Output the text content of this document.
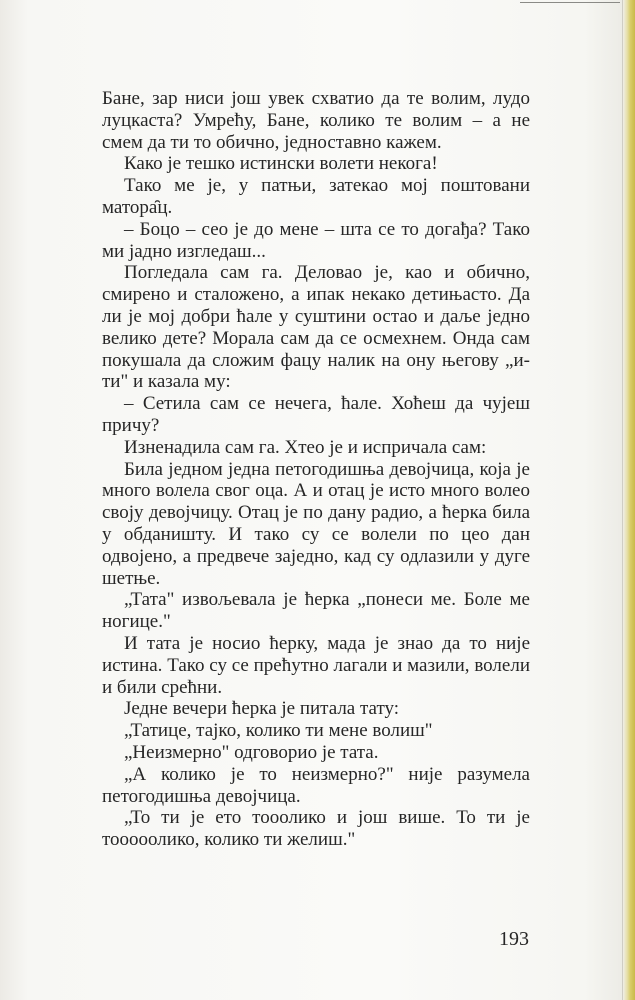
Бане, зар ниси још увек схватио да те волим, лудо луцкаста? Умрећу, Бане, колико те волим – а не смем да ти то обично, једноставно кажем.

Како је тешко истински волети некога!

Тако ме је, у патњи, затекао мој поштовани матора̑ц.

– Боцо – сео је до мене – шта се то догађа? Тако ми јадно изгледаш...

Погледала сам га. Деловао је, као и обично, смирено и сталожено, а ипак некако детињасто. Да ли је мој добри ћале у суштини остао и даље једно велико дете? Морала сам да се осмехнем. Онда сам покушала да сложим фацу налик на ону његову „и-ти" и казала му:

– Сетила сам се нечега, ћале. Хоћеш да чујеш причу?

Изненадила сам га. Хтео је и испричала сам:

Била једном једна петогодишња девојчица, која је много волела свог оца. А и отац је исто много волео своју девојчицу. Отац је по дану радио, а ћерка била у обданишту. И тако су се волели по цео дан одвојено, а предвече заједно, кад су одлазили у дуге шетње.

„Тата" извољевала је ћерка „понеси ме. Боле ме ногице."

И тата је носио ћерку, мада је знао да то није истина. Тако су се прећутно лагали и мазили, волели и били срећни.

Једне вечери ћерка је питала тату:

„Татице, тајко, колико ти мене волиш"

„Неизмерно" одговорио је тата.

„А колико је то неизмерно?" није разумела петогодишња девојчица.

„То ти је ето тооолико и још више. То ти је тооооолико, колико ти желиш."

193
